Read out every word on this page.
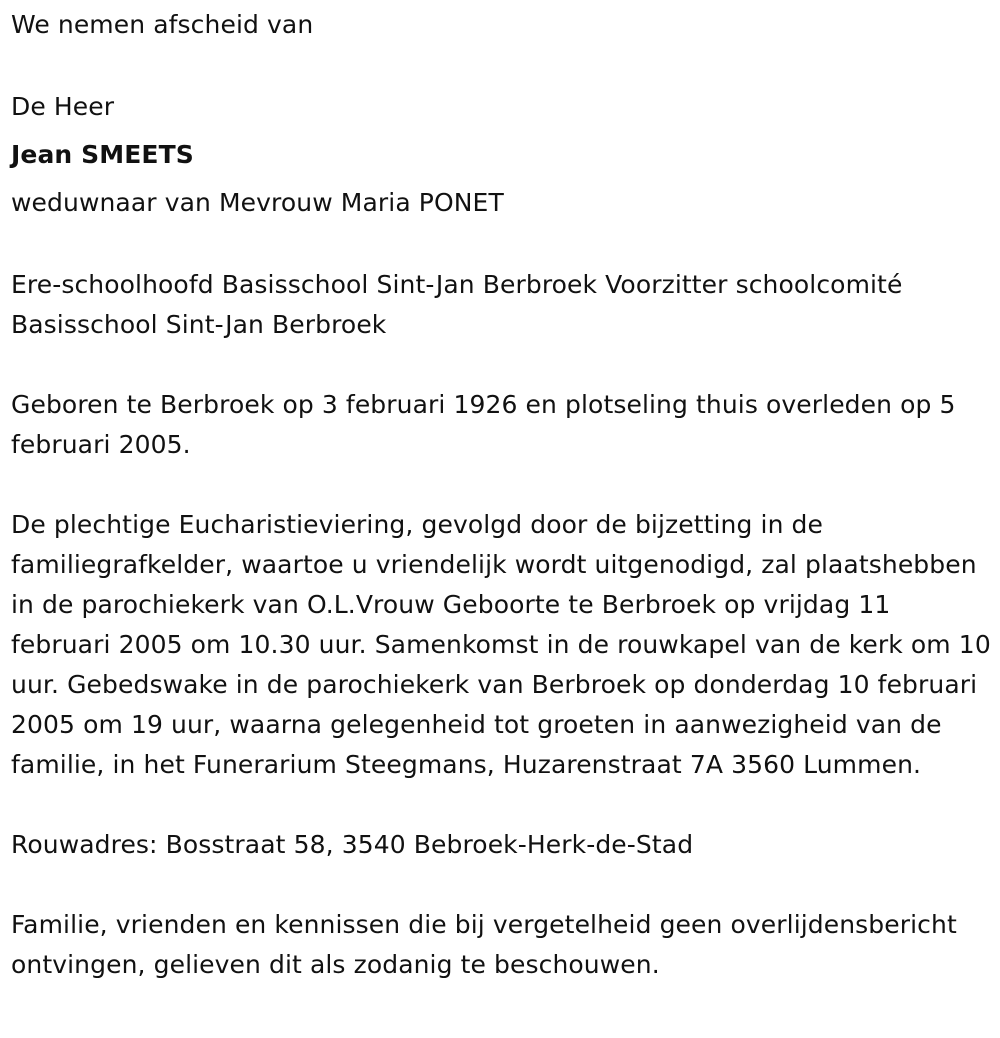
We nemen afscheid van

De Heer

Jean SMEETS

weduwnaar van Mevrouw Maria PONET

Ere-schoolhoofd Basisschool Sint-Jan Berbroek Voorzitter schoolcomité Basisschool Sint-Jan Berbroek

Geboren te Berbroek op 3 februari 1926 en plotseling thuis overleden op 5 februari 2005.

De plechtige Eucharistieviering, gevolgd door de bijzetting in de familiegrafkelder, waartoe u vriendelijk wordt uitgenodigd, zal plaatshebben in de parochiekerk van O.L.Vrouw Geboorte te Berbroek op vrijdag 11 februari 2005 om 10.30 uur. Samenkomst in de rouwkapel van de kerk om 10 uur. Gebedswake in de parochiekerk van Berbroek op donderdag 10 februari 2005 om 19 uur, waarna gelegenheid tot groeten in aanwezigheid van de familie, in het Funerarium Steegmans, Huzarenstraat 7A 3560 Lummen.

Rouwadres: Bosstraat 58, 3540 Bebroek-Herk-de-Stad

Familie, vrienden en kennissen die bij vergetelheid geen overlijdensbericht ontvingen, gelieven dit als zodanig te beschouwen.
